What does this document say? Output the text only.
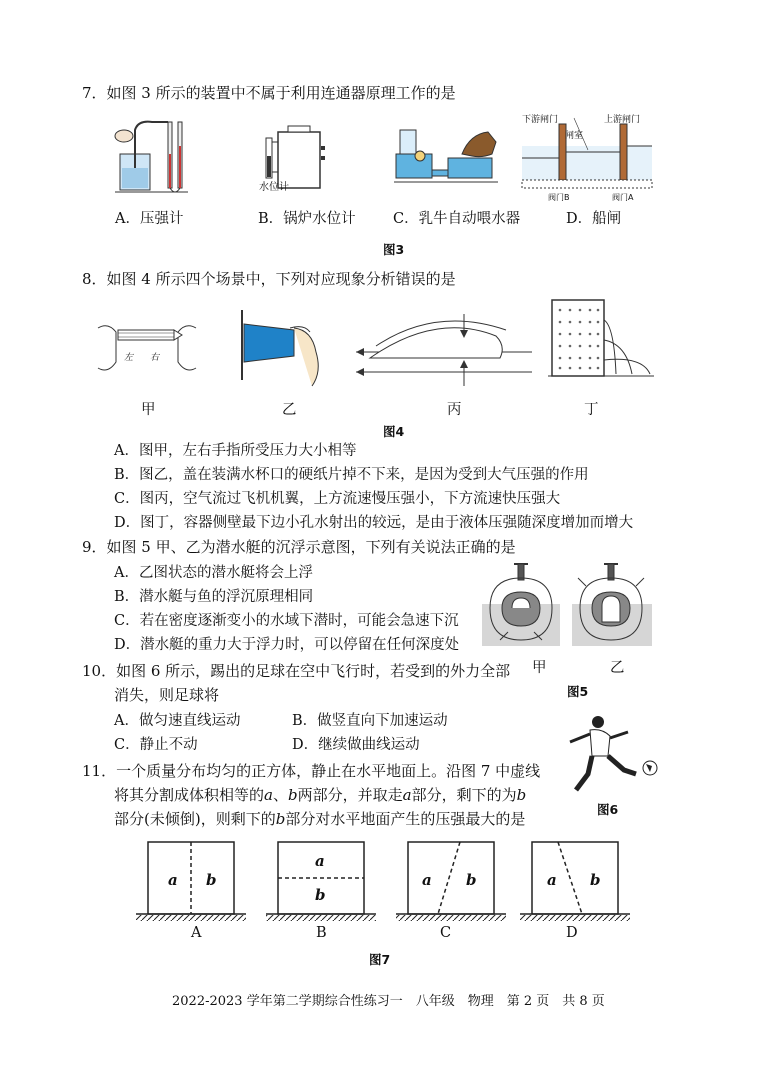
7．如图 3 所示的装置中不属于利用连通器原理工作的是
A．压强计
水位计
B．锅炉水位计	C．乳牛自动喂水器
下游闸门	上游闸门
闸室
阀门B	阀门A
D．船闸
图3
8．如图 4 所示四个场景中，下列对应现象分析错误的是
左 右
甲	乙	丙	丁
图4
A．图甲，左右手指所受压力大小相等
B．图乙，盖在装满水杯口的硬纸片掉不下来，是因为受到大气压强的作用
C．图丙，空气流过飞机机翼，上方流速慢压强小，下方流速快压强大
D．图丁，容器侧壁最下边小孔水射出的较远，是由于液体压强随深度增加而增大
9．如图 5 甲、乙为潜水艇的沉浮示意图，下列有关说法正确的是
A．乙图状态的潜水艇将会上浮
B．潜水艇与鱼的浮沉原理相同
C．若在密度逐渐变小的水域下潜时，可能会急速下沉
D．潜水艇的重力大于浮力时，可以停留在任何深度处
甲	乙
图5
10．如图 6 所示，踢出的足球在空中飞行时，若受到的外力全部
消失，则足球将
A．做匀速直线运动	B．做竖直向下加速运动
C．静止不动	D．继续做曲线运动
图6
11．一个质量分布均匀的正方体，静止在水平地面上。沿图 7 中虚线
将其分割成体积相等的a、b两部分，并取走a部分，剩下的为b
部分(未倾倒)，则剩下的b部分对水平地面产生的压强最大的是
a b
a
b
a b	a b
A	B	C	D
图7
2022-2023 学年第二学期综合性练习一　八年级　物理　第 2 页　共 8 页
